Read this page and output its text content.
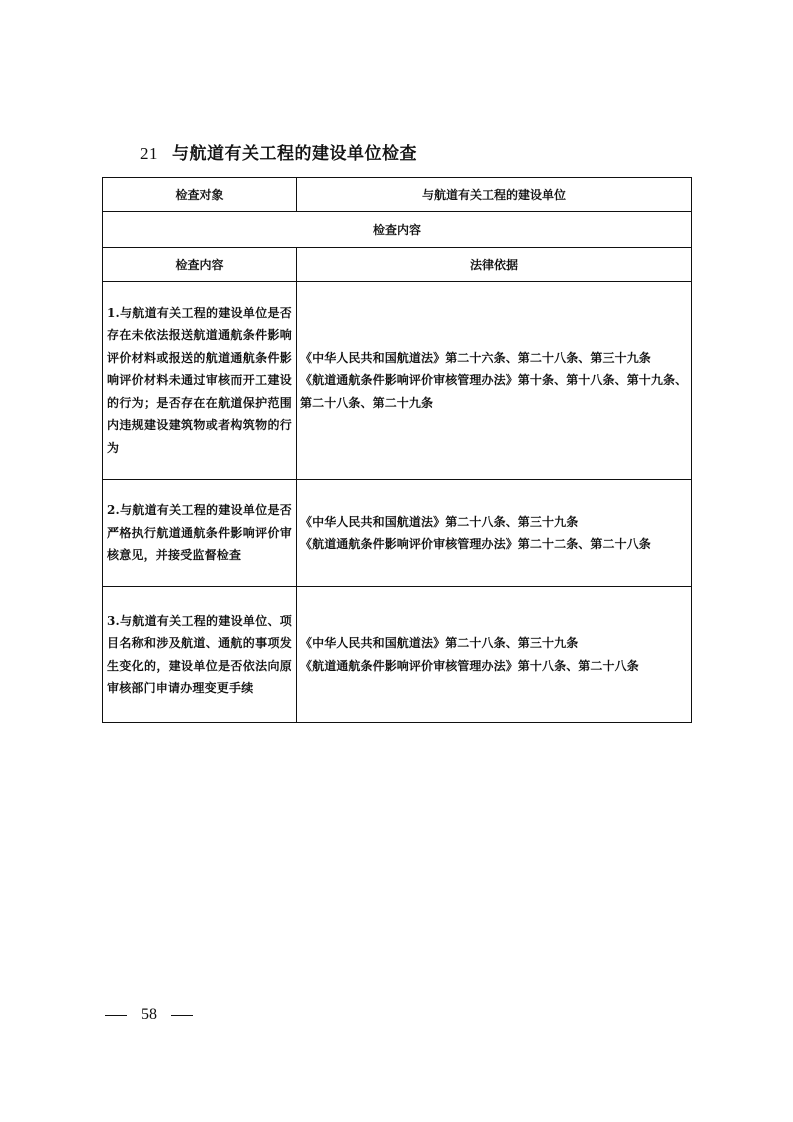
21 与航道有关工程的建设单位检查
检查对象	与航道有关工程的建设单位
检查内容	
检查内容	法律依据
1.与航道有关工程的建设单位是否存在未依法报送航道通航条件影响评价材料或报送的航道通航条件影响评价材料未通过审核而开工建设的行为；是否存在在航道保护范围内违规建设建筑物或者构筑物的行为	《中华人民共和国航道法》第二十六条、第二十八条、第三十九条
《航道通航条件影响评价审核管理办法》第十条、第十八条、第十九条、第二十八条、第二十九条

2.与航道有关工程的建设单位是否严格执行航道通航条件影响评价审核意见，并接受监督检查	《中华人民共和国航道法》第二十八条、第三十九条
《航道通航条件影响评价审核管理办法》第二十二条、第二十八条

3.与航道有关工程的建设单位、项目名称和涉及航道、通航的事项发生变化的，建设单位是否依法向原审核部门申请办理变更手续	《中华人民共和国航道法》第二十八条、第三十九条
《航道通航条件影响评价审核管理办法》第十八条、第二十八条
58
